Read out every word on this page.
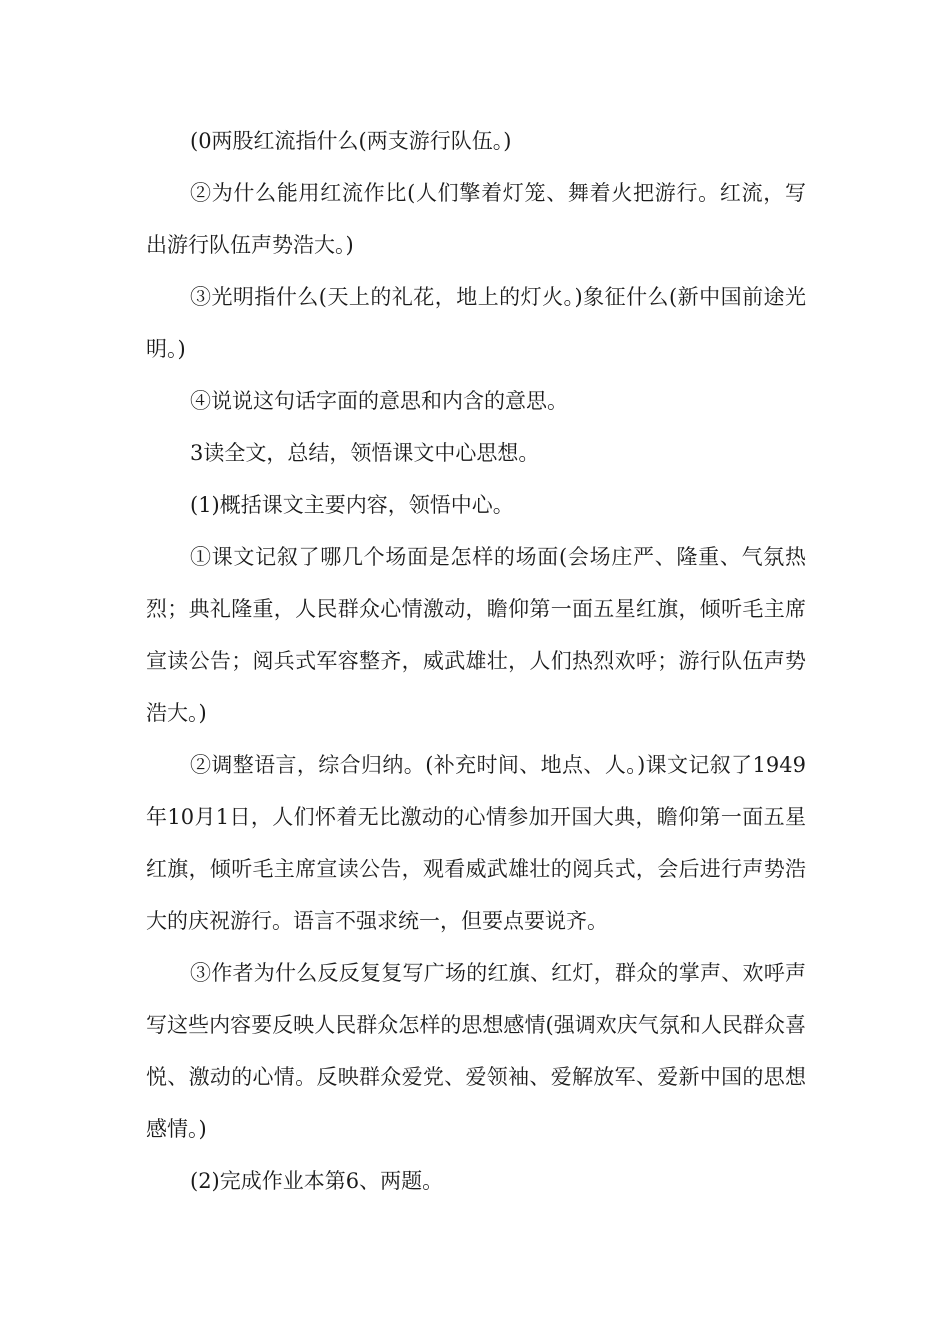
(0两股红流指什么(两支游行队伍。)

②为什么能用红流作比(人们擎着灯笼、舞着火把游行。红流，写出游行队伍声势浩大。)

③光明指什么(天上的礼花，地上的灯火。)象征什么(新中国前途光明。)

④说说这句话字面的意思和内含的意思。

3读全文，总结，领悟课文中心思想。

(1)概括课文主要内容，领悟中心。

①课文记叙了哪几个场面是怎样的场面(会场庄严、隆重、气氛热烈；典礼隆重，人民群众心情激动，瞻仰第一面五星红旗，倾听毛主席宣读公告；阅兵式军容整齐，威武雄壮，人们热烈欢呼；游行队伍声势浩大。)

②调整语言，综合归纳。(补充时间、地点、人。)课文记叙了1949年10月1日，人们怀着无比激动的心情参加开国大典，瞻仰第一面五星红旗，倾听毛主席宣读公告，观看威武雄壮的阅兵式，会后进行声势浩大的庆祝游行。语言不强求统一，但要点要说齐。

③作者为什么反反复复写广场的红旗、红灯，群众的掌声、欢呼声写这些内容要反映人民群众怎样的思想感情(强调欢庆气氛和人民群众喜悦、激动的心情。反映群众爱党、爱领袖、爱解放军、爱新中国的思想感情。)

(2)完成作业本第6、两题。
